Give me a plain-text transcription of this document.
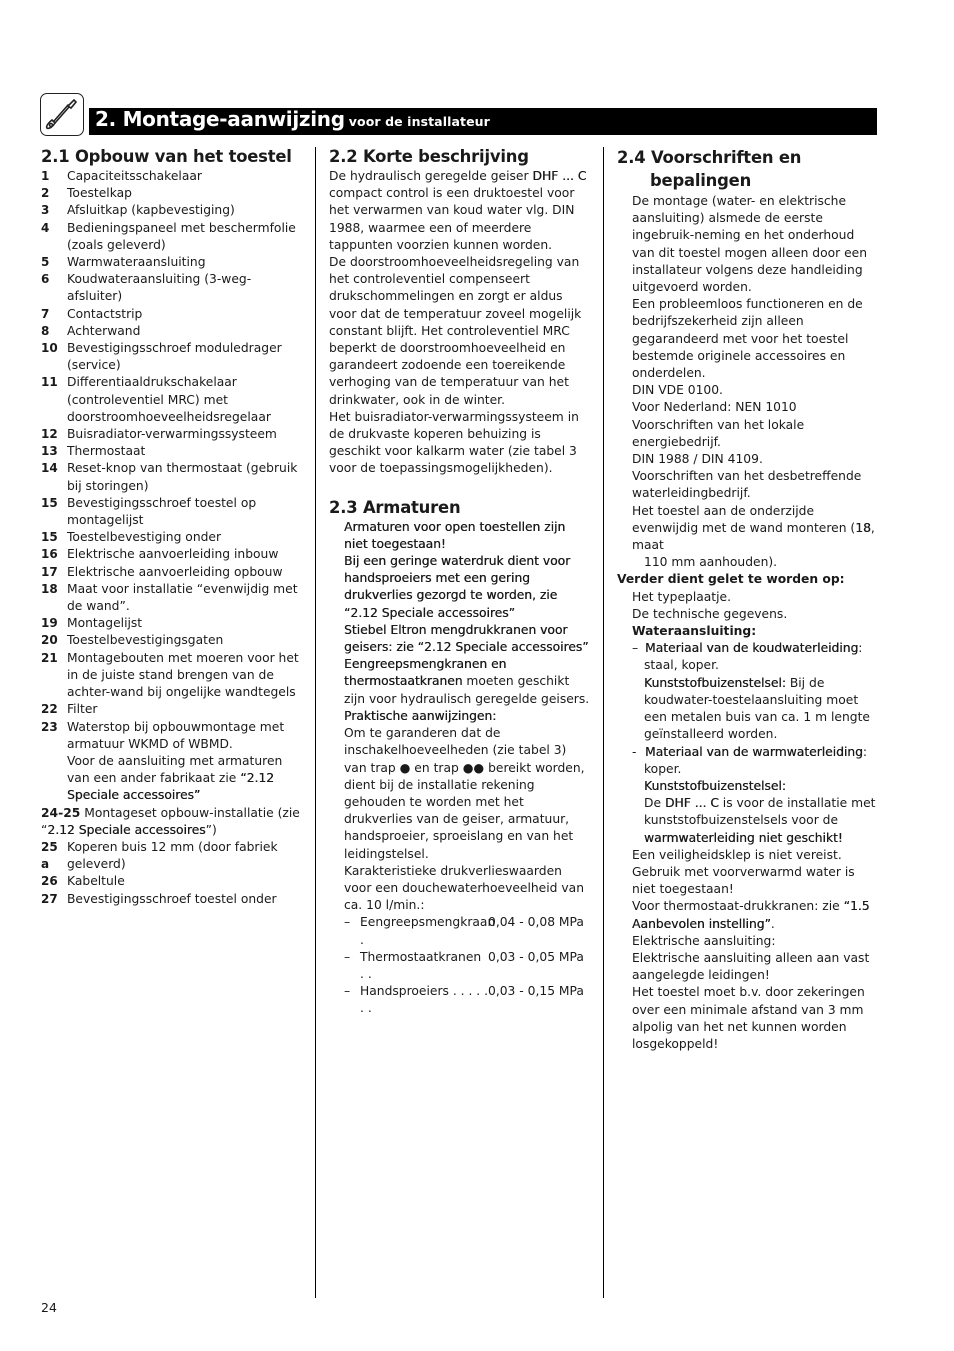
2. Montage-aanwijzing voor de installateur
2.1 Opbouw van het toestel
1	Capaciteitsschakelaar
2	Toestelkap
3	Afsluitkap (kapbevestiging)
4	Bedieningspaneel met beschermfolie (zoals geleverd)
5	Warmwateraansluiting
6	Koudwateraansluiting (3-weg-afsluiter)
7	Contactstrip
8	Achterwand
10 Bevestigingsschroef moduledrager (service)
11 Differentiaaldrukschakelaar (controleventiel MRC) met doorstroomhoeveelheidsregelaar
12 Buisradiator-verwarmingssysteem
13 Thermostaat
14 Reset-knop van thermostaat (gebruik bij storingen)
15 Bevestigingsschroef toestel op montagelijst
15 Toestelbevestiging onder
16 Elektrische aanvoerleiding inbouw
17 Elektrische aanvoerleiding opbouw
18 Maat voor installatie “evenwijdig met de wand”.
19 Montagelijst
20 Toestelbevestigingsgaten
21 Montagebouten met moeren voor het in de juiste stand brengen van de achter-wand bij ongelijke wandtegels
22 Filter
23 Waterstop bij opbouwmontage met armatuur WKMD of WBMD.
Voor de aansluiting met armaturen van een ander fabrikaat zie “2.12 Speciale accessoires”
24-25 Montageset opbouw-installatie (zie “2.12 Speciale accessoires”)
25 a
Koperen buis 12 mm (door fabriek geleverd)
26 Kabeltule
27 Bevestigingsschroef toestel onder
2.2 Korte beschrijving

De hydraulisch geregelde geiser DHF ... C compact control is een druktoestel voor het verwarmen van koud water vlg. DIN 1988, waarmee een of meerdere tappunten voorzien kunnen worden.

De doorstroomhoeveelheidsregeling van het controleventiel compenseert drukschommelingen en zorgt er aldus voor dat de temperatuur zoveel mogelijk constant blijft. Het controleventiel MRC beperkt de doorstroomhoeveelheid en garandeert zodoende een toereikende verhoging van de temperatuur van het drinkwater, ook in de winter.

Het buisradiator-verwarmingssysteem in de drukvaste koperen behuizing is geschikt voor kalkarm water (zie tabel 3 voor de toepassingsmogelijkheden).

2.3 Armaturen

Armaturen voor open toestellen zijn niet toegestaan!

Bij een geringe waterdruk dient voor handsproeiers met een gering drukverlies gezorgd te worden, zie “2.12 Speciale accessoires”

Stiebel Eltron mengdrukkranen voor geisers: zie “2.12 Speciale accessoires”

Eengreepsmengkranen en thermostaatkranen moeten geschikt zijn voor hydraulisch geregelde geisers.

Praktische aanwijzingen:

Om te garanderen dat de inschakelhoeveelheden (zie tabel 3) van trap ● en trap ●● bereikt worden, dient bij de installatie rekening gehouden te worden met het drukverlies van de geiser, armatuur, handsproeier, sproeislang en van het leidingstelsel.

Karakteristieke drukverlieswaarden voor een douchewaterhoeveelheid van ca. 10 l/min.:

– Eengreepsmengkraan .
0,04 - 0,08 MPa
– Thermostaatkranen . .
0,03 - 0,05 MPa
– Handsproeiers . . . . . . .
0,03 - 0,15 MPa
2.4 Voorschriften en bepalingen

De montage (water- en elektrische aansluiting) alsmede de eerste ingebruik-neming en het onderhoud van dit toestel mogen alleen door een installateur volgens deze handleiding uitgevoerd worden.

Een probleemloos functioneren en de bedrijfszekerheid zijn alleen gegarandeerd met voor het toestel bestemde originele accessoires en onderdelen.

DIN VDE 0100.

Voor Nederland: NEN 1010

Voorschriften van het lokale energiebedrijf.

DIN 1988 / DIN 4109.

Voorschriften van het desbetreffende waterleidingbedrijf.

Het toestel aan de onderzijde evenwijdig met de wand monteren (18, maat

110 mm aanhouden).

Verder dient gelet te worden op:

Het typeplaatje.

De technische gegevens.

Wateraansluiting:

– Materiaal van de koudwaterleiding:

staal, koper.

Kunststofbuizenstelsel: Bij de koudwater-toestelaansluiting moet een metalen buis van ca. 1 m lengte geïnstalleerd worden.

- Materiaal van de warmwaterleiding:

koper.

Kunststofbuizenstelsel:

De DHF ... C is voor de installatie met kunststofbuizenstelsels voor de warmwaterleiding niet geschikt!

Een veiligheidsklep is niet vereist.

Gebruik met voorverwarmd water is niet toegestaan!

Voor thermostaat-drukkranen: zie “1.5 Aanbevolen instelling”.

Elektrische aansluiting:

Elektrische aansluiting alleen aan vast aangelegde leidingen!

Het toestel moet b.v. door zekeringen over een minimale afstand van 3 mm alpolig van het net kunnen worden losgekoppeld!

24
